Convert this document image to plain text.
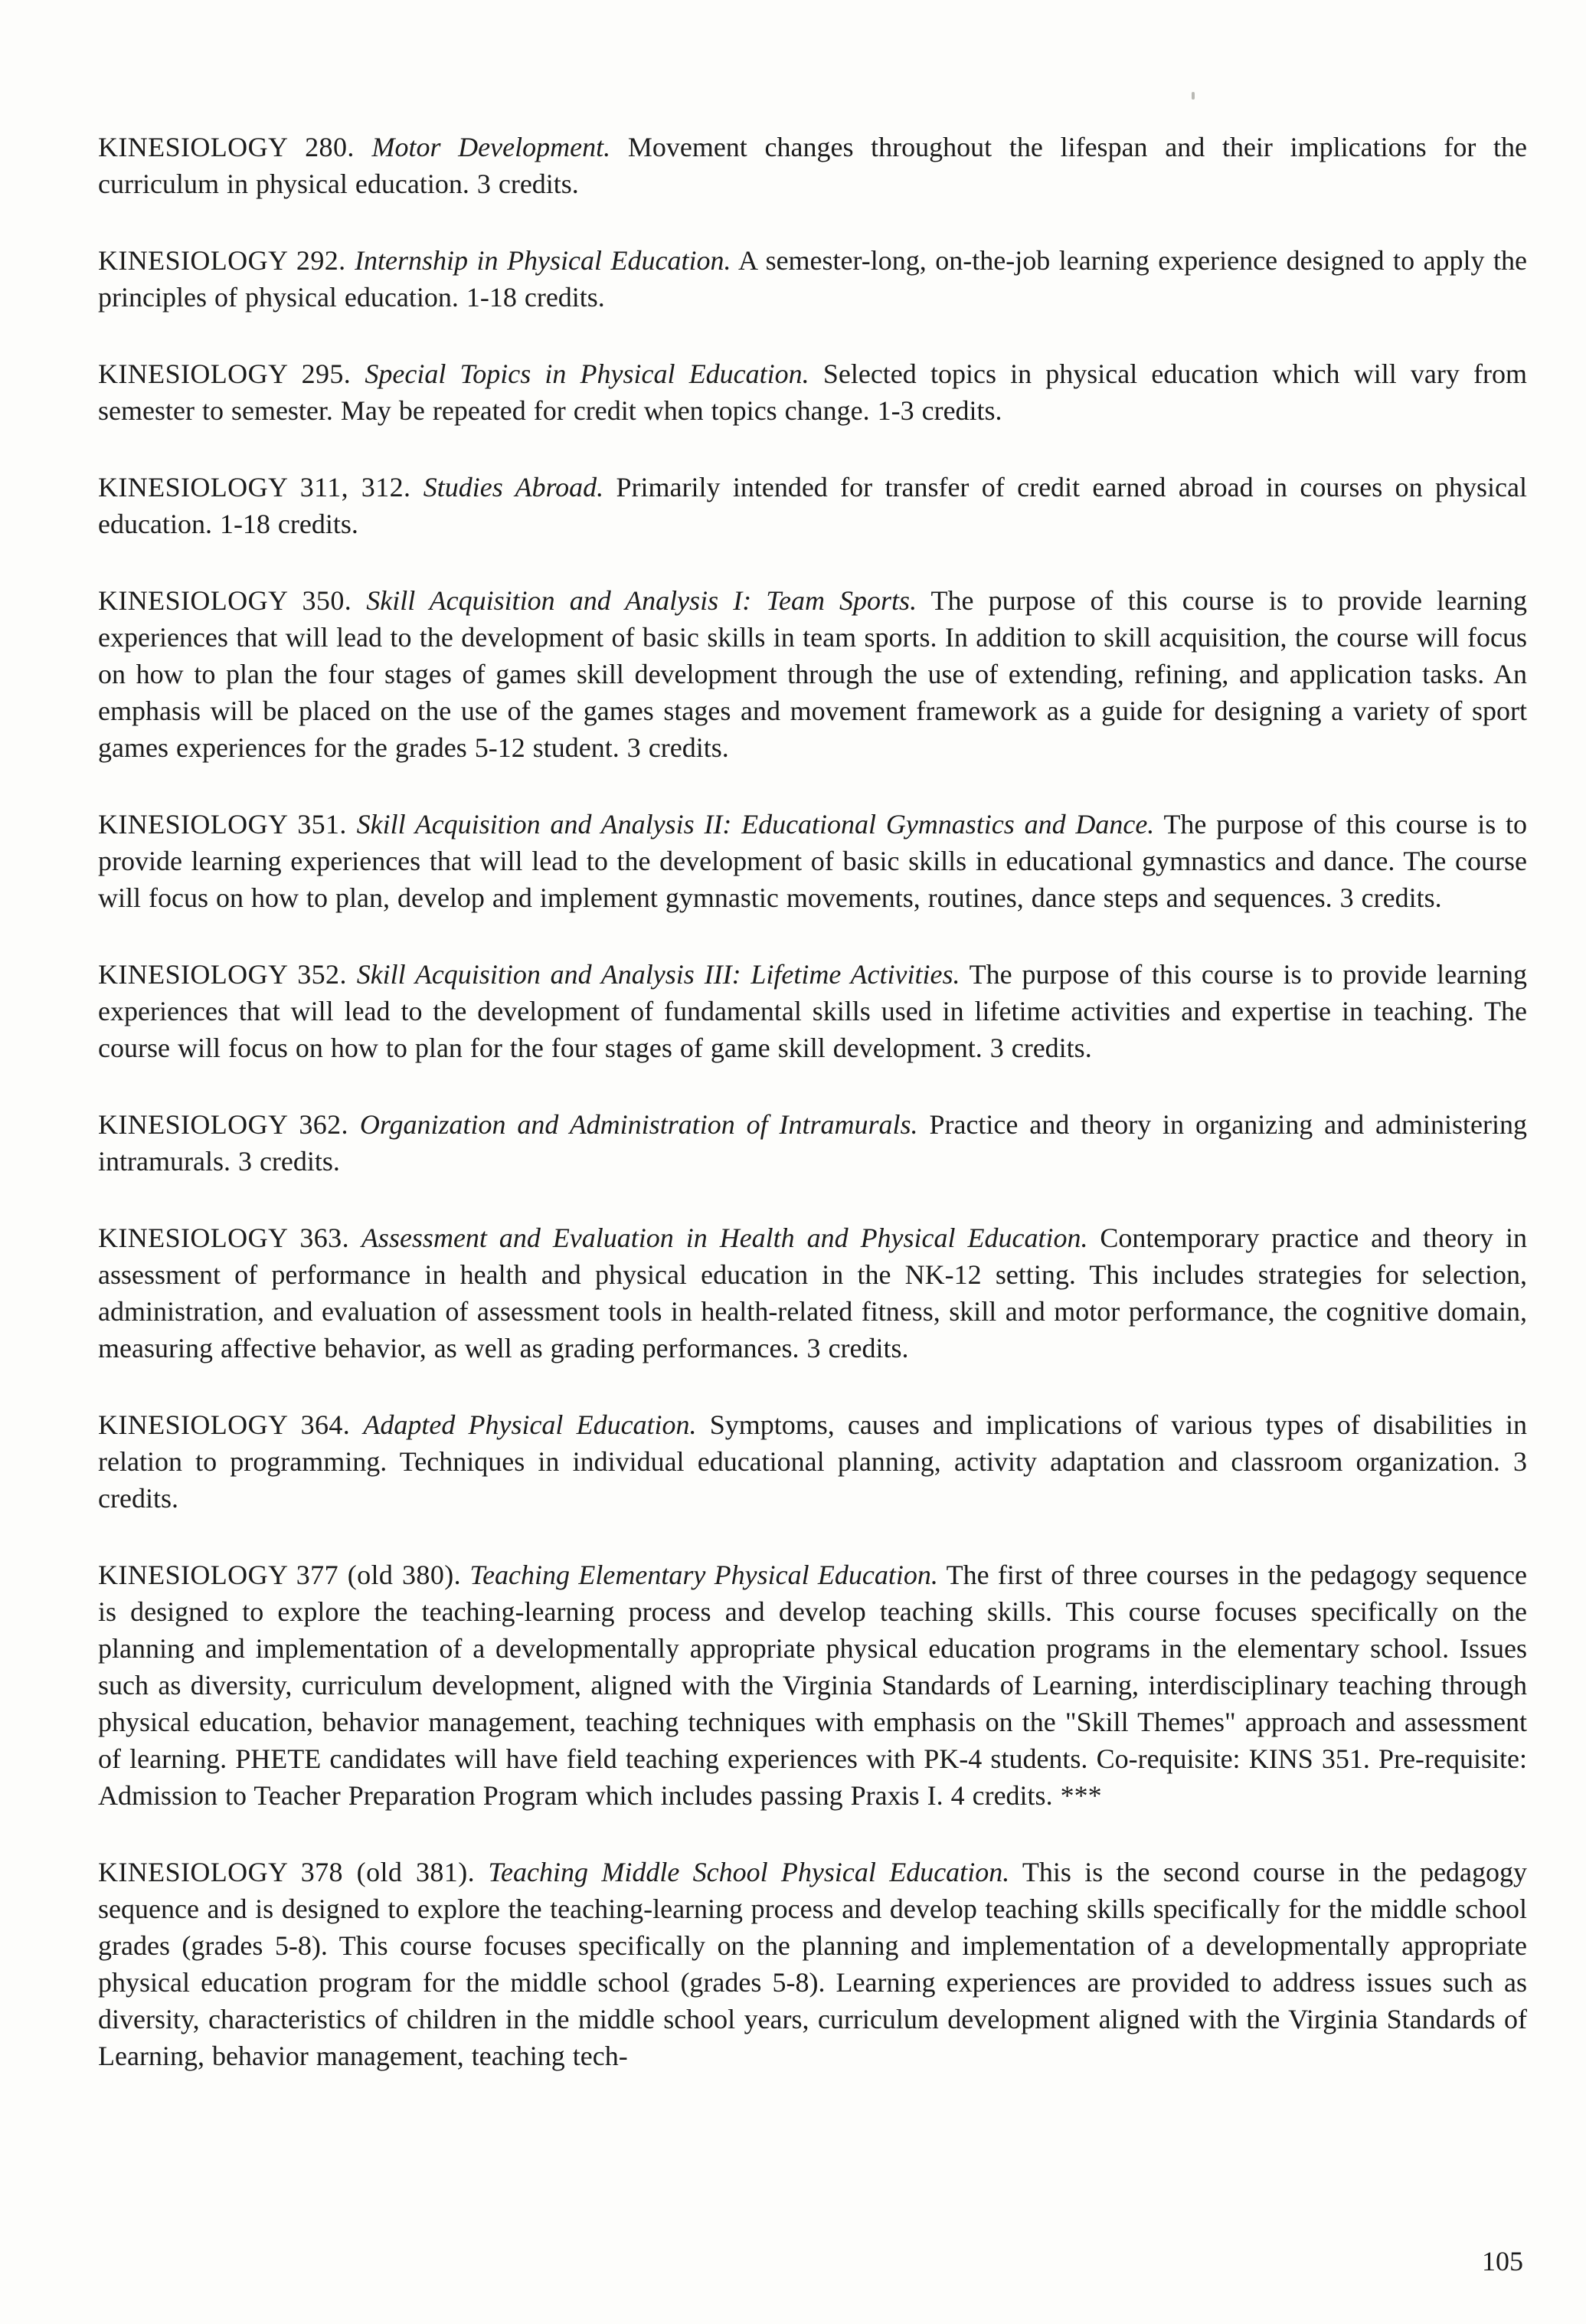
KINESIOLOGY 280. Motor Development. Movement changes throughout the lifespan and their implications for the curriculum in physical education. 3 credits.

KINESIOLOGY 292. Internship in Physical Education. A semester-long, on-the-job learning experience designed to apply the principles of physical education. 1-18 credits.

KINESIOLOGY 295. Special Topics in Physical Education. Selected topics in physical education which will vary from semester to semester. May be repeated for credit when topics change. 1-3 credits.

KINESIOLOGY 311, 312. Studies Abroad. Primarily intended for transfer of credit earned abroad in courses on physical education. 1-18 credits.

KINESIOLOGY 350. Skill Acquisition and Analysis I: Team Sports. The purpose of this course is to provide learning experiences that will lead to the development of basic skills in team sports. In addition to skill acquisition, the course will focus on how to plan the four stages of games skill development through the use of extending, refining, and application tasks. An emphasis will be placed on the use of the games stages and movement framework as a guide for designing a variety of sport games experiences for the grades 5-12 student. 3 credits.

KINESIOLOGY 351. Skill Acquisition and Analysis II: Educational Gymnastics and Dance. The purpose of this course is to provide learning experiences that will lead to the development of basic skills in educational gymnastics and dance. The course will focus on how to plan, develop and implement gymnastic movements, routines, dance steps and sequences. 3 credits.

KINESIOLOGY 352. Skill Acquisition and Analysis III: Lifetime Activities. The purpose of this course is to provide learning experiences that will lead to the development of fundamental skills used in lifetime activities and expertise in teaching. The course will focus on how to plan for the four stages of game skill development. 3 credits.

KINESIOLOGY 362. Organization and Administration of Intramurals. Practice and theory in organizing and administering intramurals. 3 credits.

KINESIOLOGY 363. Assessment and Evaluation in Health and Physical Education. Contemporary practice and theory in assessment of performance in health and physical education in the NK-12 setting. This includes strategies for selection, administration, and evaluation of assessment tools in health-related fitness, skill and motor performance, the cognitive domain, measuring affective behavior, as well as grading performances. 3 credits.

KINESIOLOGY 364. Adapted Physical Education. Symptoms, causes and implications of various types of disabilities in relation to programming. Techniques in individual educational planning, activity adaptation and classroom organization. 3 credits.

KINESIOLOGY 377 (old 380). Teaching Elementary Physical Education. The first of three courses in the pedagogy sequence is designed to explore the teaching-learning process and develop teaching skills. This course focuses specifically on the planning and implementation of a developmentally appropriate physical education programs in the elementary school. Issues such as diversity, curriculum development, aligned with the Virginia Standards of Learning, interdisciplinary teaching through physical education, behavior management, teaching techniques with emphasis on the "Skill Themes" approach and assessment of learning. PHETE candidates will have field teaching experiences with PK-4 students. Co-requisite: KINS 351. Pre-requisite: Admission to Teacher Preparation Program which includes passing Praxis I. 4 credits. ***

KINESIOLOGY 378 (old 381). Teaching Middle School Physical Education. This is the second course in the pedagogy sequence and is designed to explore the teaching-learning process and develop teaching skills specifically for the middle school grades (grades 5-8). This course focuses specifically on the planning and implementation of a developmentally appropriate physical education program for the middle school (grades 5-8). Learning experiences are provided to address issues such as diversity, characteristics of children in the middle school years, curriculum development aligned with the Virginia Standards of Learning, behavior management, teaching tech-

105
